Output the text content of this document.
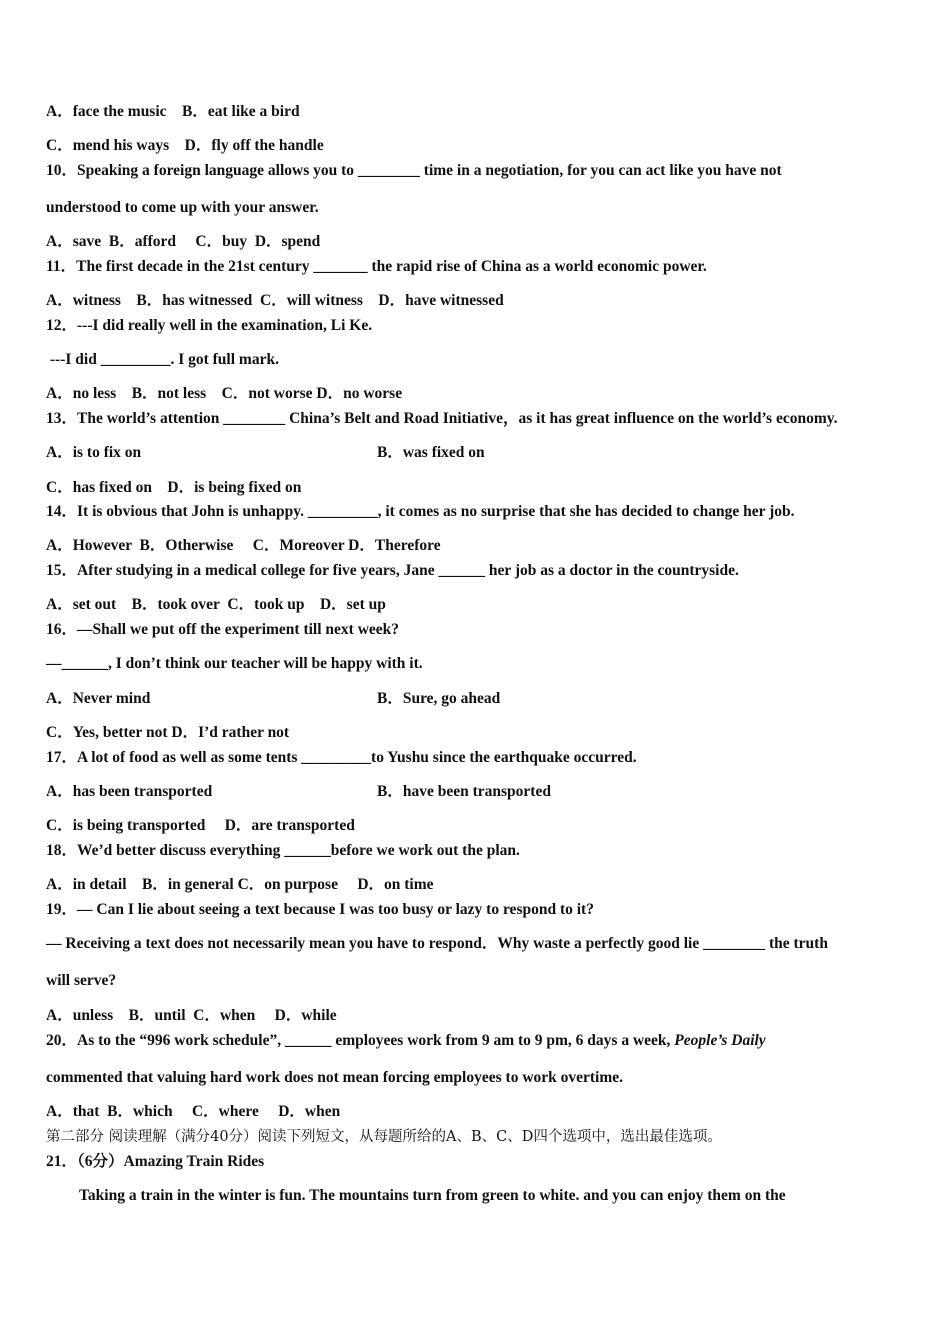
A．face the music　B．eat like a bird
C．mend his ways　D．fly off the handle
10．Speaking a foreign language allows you to ________ time in a negotiation, for you can act like you have not
understood to come up with your answer.
A．save  B．afford　 C．buy  D．spend
11．The first decade in the 21st century _______ the rapid rise of China as a world economic power.
A．witness　B．has witnessed  C．will witness　D．have witnessed
12．---I did really well in the examination, Li Ke.
---I did _________. I got full mark.
A．no less　B．not less　C．not worse D．no worse
13．The world’s attention ________ China’s Belt and Road Initiative，as it has great influence on the world’s economy.
A．is to fix on	B．was fixed on
C．has fixed on　D．is being fixed on
14．It is obvious that John is unhappy. _________, it comes as no surprise that she has decided to change her job.
A．However  B．Otherwise　 C．Moreover D．Therefore
15．After studying in a medical college for five years, Jane ______ her job as a doctor in the countryside.
A．set out　B．took over  C．took up　D．set up
16．—Shall we put off the experiment till next week?
—______, I don’t think our teacher will be happy with it.
A．Never mind	B．Sure, go ahead
C．Yes, better not D．I’d rather not
17．A lot of food as well as some tents _________to Yushu since the earthquake occurred.
A．has been transported	B．have been transported
C．is being transported　 D．are transported
18．We’d better discuss everything ______before we work out the plan.
A．in detail　B．in general C．on purpose　 D．on time
19．— Can I lie about seeing a text because I was too busy or lazy to respond to it?
— Receiving a text does not necessarily mean you have to respond．Why waste a perfectly good lie ________ the truth
will serve?
A．unless　B．until  C．when　 D．while
20．As to the “996 work schedule”, ______ employees work from 9 am to 9 pm, 6 days a week, People’s Daily
commented that valuing hard work does not mean forcing employees to work overtime.
A．that  B．which　 C．where　 D．when
第二部分 阅读理解（满分40分）阅读下列短文，从每题所给的A、B、C、D四个选项中，选出最佳选项。
21．（6分）Amazing Train Rides
Taking a train in the winter is fun. The mountains turn from green to white. and you can enjoy them on the
